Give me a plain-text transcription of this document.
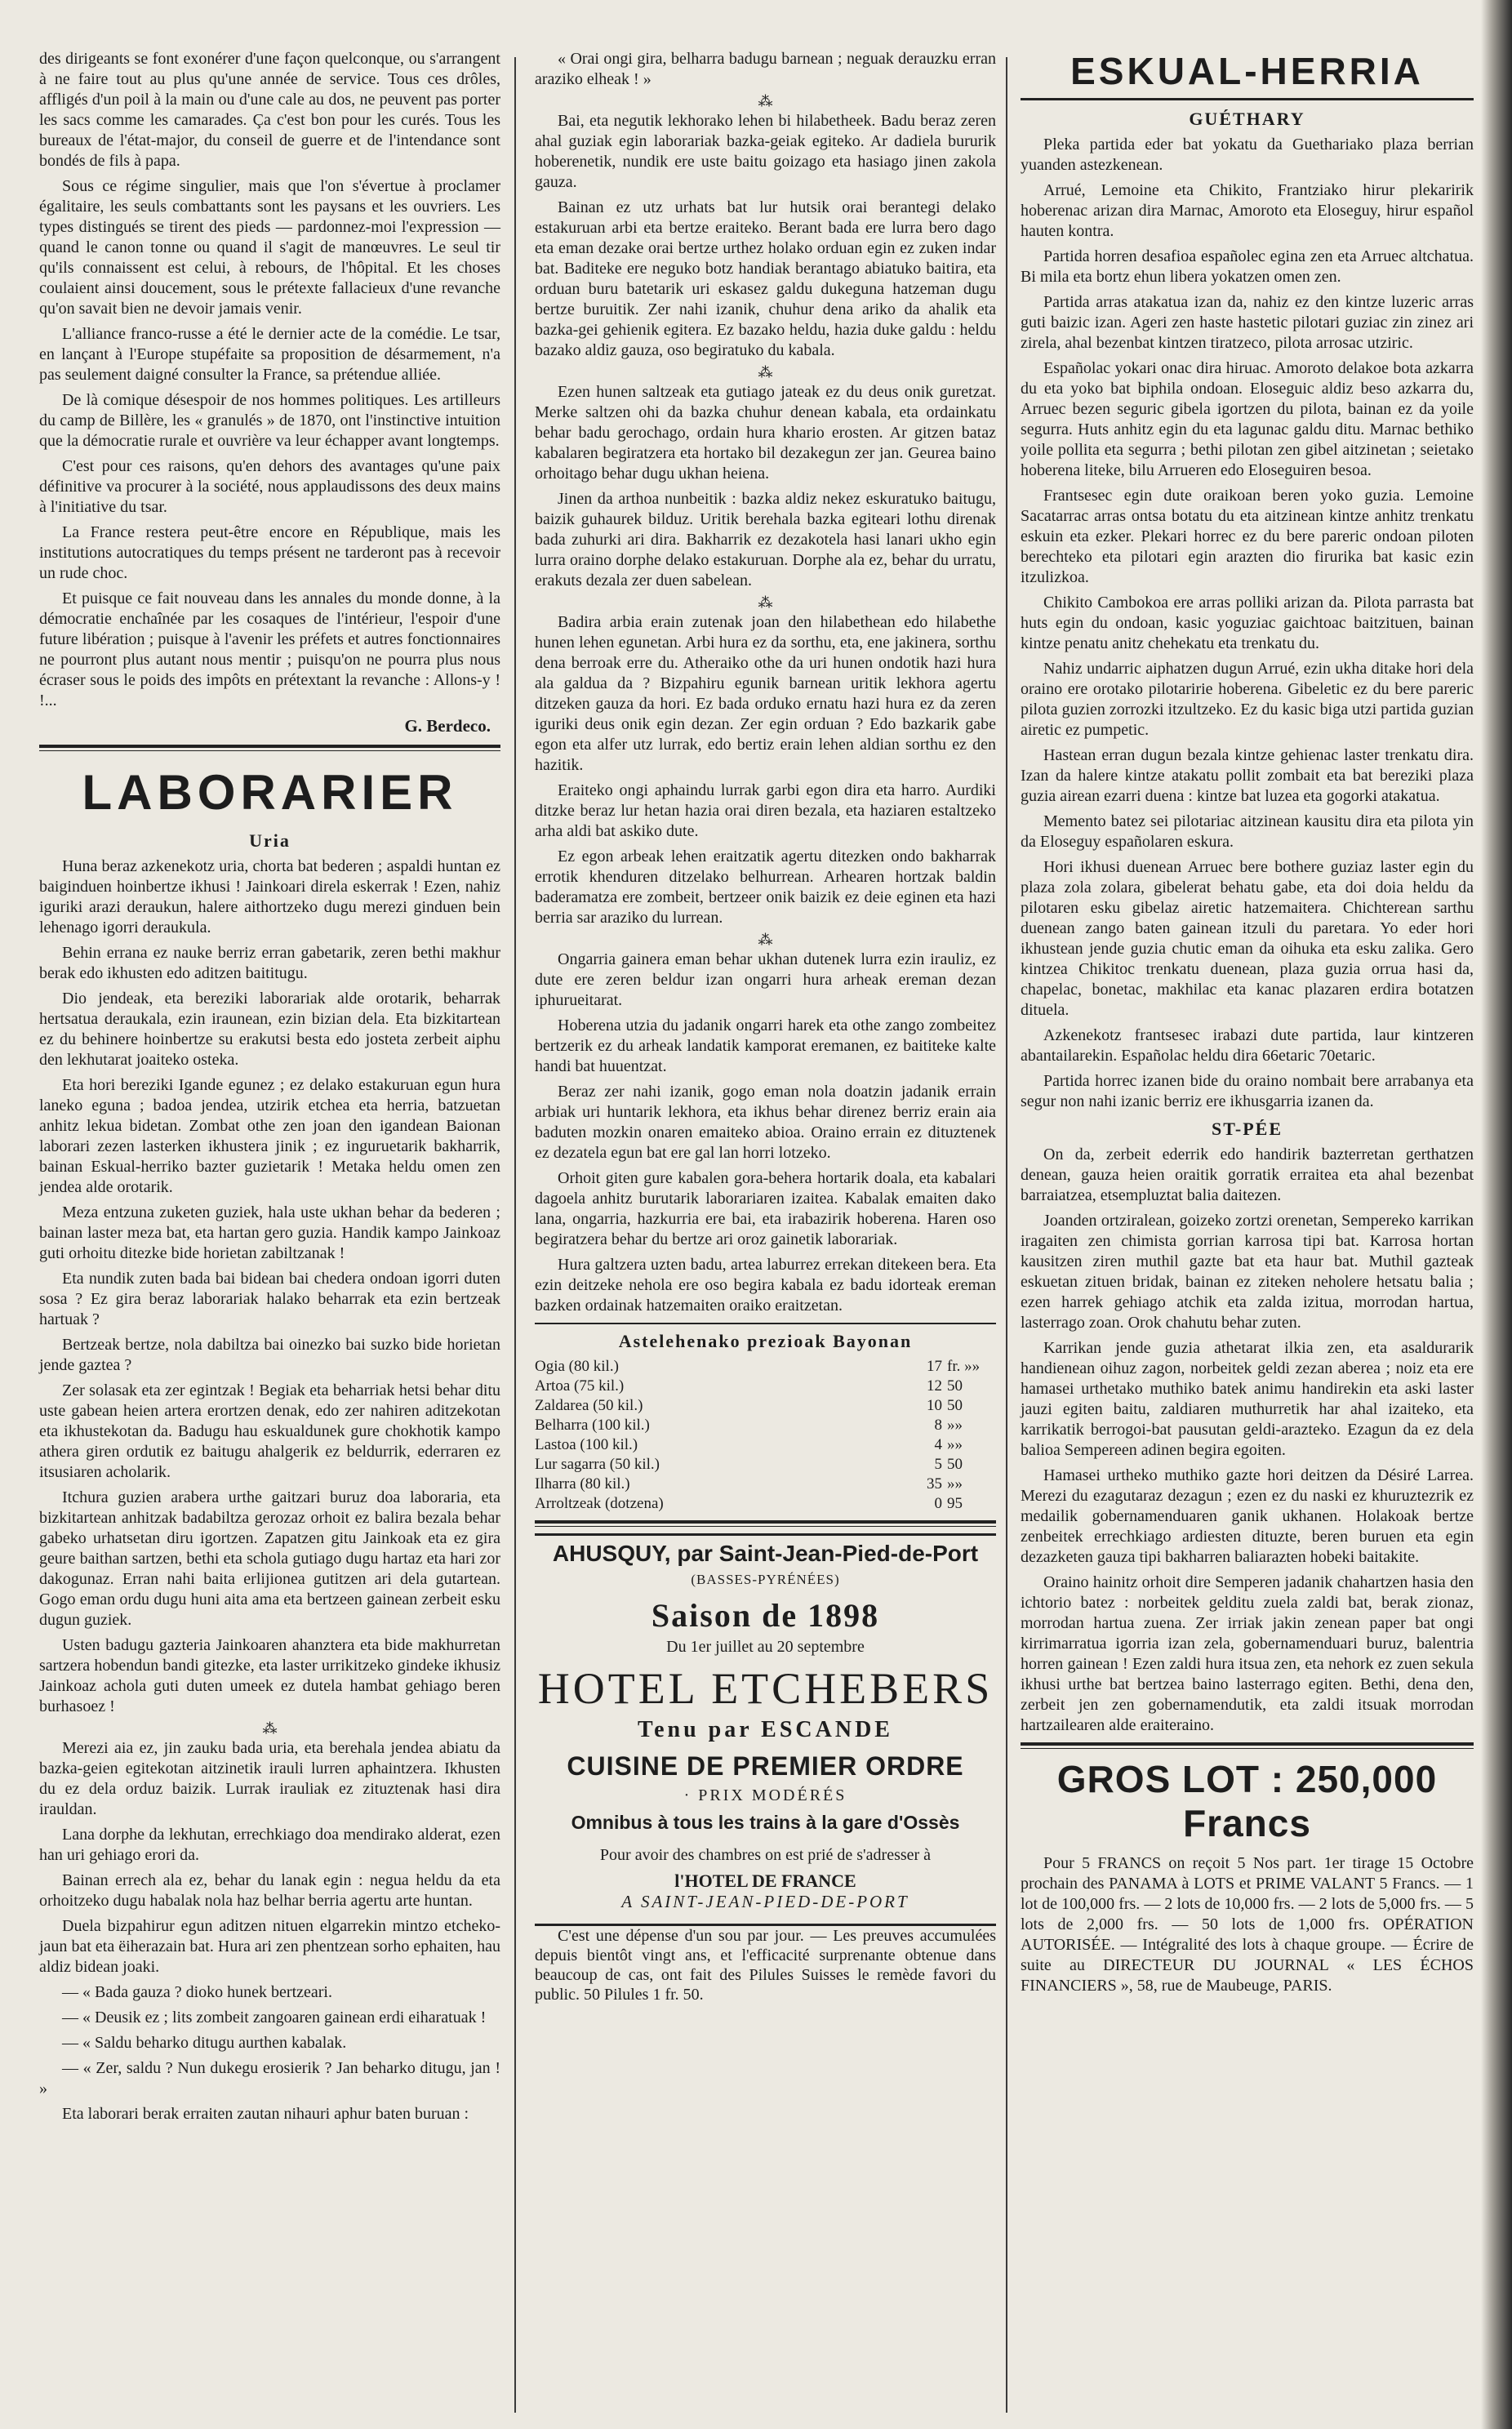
des dirigeants se font exonérer d'une façon quelconque, ou s'arrangent à ne faire tout au plus qu'une année de service. Tous ces drôles, affligés d'un poil à la main ou d'une cale au dos, ne peuvent pas porter les sacs comme les camarades. Ça c'est bon pour les curés. Tous les bureaux de l'état-major, du conseil de guerre et de l'intendance sont bondés de fils à papa.

Sous ce régime singulier, mais que l'on s'évertue à proclamer égalitaire, les seuls combattants sont les paysans et les ouvriers. Les types distingués se tirent des pieds — pardonnez-moi l'expression — quand le canon tonne ou quand il s'agit de manœuvres. Le seul tir qu'ils connaissent est celui, à rebours, de l'hôpital. Et les choses coulaient ainsi doucement, sous le prétexte fallacieux d'une revanche qu'on savait bien ne devoir jamais venir.

L'alliance franco-russe a été le dernier acte de la comédie. Le tsar, en lançant à l'Europe stupéfaite sa proposition de désarmement, n'a pas seulement daigné consulter la France, sa prétendue alliée.

De là comique désespoir de nos hommes politiques. Les artilleurs du camp de Billère, les « granulés » de 1870, ont l'instinctive intuition que la démocratie rurale et ouvrière va leur échapper avant longtemps.

C'est pour ces raisons, qu'en dehors des avantages qu'une paix définitive va procurer à la société, nous applaudissons des deux mains à l'initiative du tsar.

La France restera peut-être encore en République, mais les institutions autocratiques du temps présent ne tarderont pas à recevoir un rude choc.

Et puisque ce fait nouveau dans les annales du monde donne, à la démocratie enchaînée par les cosaques de l'intérieur, l'espoir d'une future libération ; puisque à l'avenir les préfets et autres fonctionnaires ne pourront plus autant nous mentir ; puisqu'on ne pourra plus nous écraser sous le poids des impôts en prétextant la revanche : Allons-y ! !...

G. Berdeco.
LABORARIER
Uria

Huna beraz azkenekotz uria, chorta bat bederen ; aspaldi huntan ez baiginduen hoinbertze ikhusi ! Jainkoari direla eskerrak ! Ezen, nahiz iguriki arazi deraukun, halere aithortzeko dugu merezi ginduen bein lehenago igorri deraukula.

Behin errana ez nauke berriz erran gabetarik, zeren bethi makhur berak edo ikhusten edo aditzen baititugu.

Dio jendeak, eta bereziki laborariak alde orotarik, beharrak hertsatua deraukala, ezin iraunean, ezin bizian dela. Eta bizkitartean ez du behinere hoinbertze su erakutsi besta edo josteta zerbeit aiphu den lekhutarat joaiteko osteka.

Eta hori bereziki Igande egunez ; ez delako estakuruan egun hura laneko eguna ; badoa jendea, utzirik etchea eta herria, batzuetan anhitz lekua bidetan. Zombat othe zen joan den igandean Baionan laborari zezen lasterken ikhustera jinik ; ez inguruetarik bakharrik, bainan Eskual-herriko bazter guzietarik ! Metaka heldu omen zen jendea alde orotarik.

Meza entzuna zuketen guziek, hala uste ukhan behar da bederen ; bainan laster meza bat, eta hartan gero guzia. Handik kampo Jainkoaz guti orhoitu ditezke bide horietan zabiltzanak !

Eta nundik zuten bada bai bidean bai chedera ondoan igorri duten sosa ? Ez gira beraz laborariak halako beharrak eta ezin bertzeak hartuak ?

Bertzeak bertze, nola dabiltza bai oinezko bai suzko bide horietan jende gaztea ?

Zer solasak eta zer egintzak ! Begiak eta beharriak hetsi behar ditu uste gabean heien artera erortzen denak, edo zer nahiren aditzekotan eta ikhustekotan da. Badugu hau eskualdunek gure chokhotik kampo athera giren ordutik ez baitugu ahalgerik ez beldurrik, ederraren ez itsusiaren acholarik.

Itchura guzien arabera urthe gaitzari buruz doa laboraria, eta bizkitartean anhitzak badabiltza gerozaz orhoit ez balira bezala behar gabeko urhatsetan diru igortzen. Zapatzen gitu Jainkoak eta ez gira geure baithan sartzen, bethi eta schola gutiago dugu hartaz eta hari zor dakogunaz. Erran nahi baita erlijionea gutitzen ari dela gutartean. Gogo eman ordu dugu huni aita ama eta bertzeen gainean zerbeit esku dugun guziek.

Usten badugu gazteria Jainkoaren ahanztera eta bide makhurretan sartzera hobendun bandi gitezke, eta laster urrikitzeko gindeke ikhusiz Jainkoaz achola guti duten umeek ez dutela hambat gehiago beren burhasoez !

⁂

Merezi aia ez, jin zauku bada uria, eta berehala jendea abiatu da bazka-geien egitekotan aitzinetik irauli lurren aphaintzera. Ikhusten du ez dela orduz baizik. Lurrak irauliak ez zituztenak hasi dira irauldan.

Lana dorphe da lekhutan, errechkiago doa mendirako alderat, ezen han uri gehiago erori da.

Bainan errech ala ez, behar du lanak egin : negua heldu da eta orhoitzeko dugu habalak nola haz belhar berria agertu arte huntan.

Duela bizpahirur egun aditzen nituen elgarrekin mintzo etcheko-jaun bat eta ëiherazain bat. Hura ari zen phentzean sorho ephaiten, hau aldiz bidean joaki.

— « Bada gauza ? dioko hunek bertzeari.

— « Deusik ez ; lits zombeit zangoaren gainean erdi eiharatuak !

— « Saldu beharko ditugu aurthen kabalak.

— « Zer, saldu ? Nun dukegu erosierik ? Jan beharko ditugu, jan ! »

Eta laborari berak erraiten zautan nihauri aphur baten buruan :

« Orai ongi gira, belharra badugu barnean ; neguak derauzku erran araziko elheak ! »

⁂

Bai, eta negutik lekhorako lehen bi hilabetheek. Badu beraz zeren ahal guziak egin laborariak bazka-geiak egiteko. Ar dadiela bururik hoberenetik, nundik ere uste baitu goizago eta hasiago jinen zakola gauza.

Bainan ez utz urhats bat lur hutsik orai berantegi delako estakuruan arbi eta bertze eraiteko. Berant bada ere lurra bero dago eta eman dezake orai bertze urthez holako orduan egin ez zuken indar bat. Baditeke ere neguko botz handiak berantago abiatuko baitira, eta orduan buru batetarik uri eskasez galdu dukeguna hatzeman dugu bertze buruitik. Zer nahi izanik, chuhur dena ariko da ahalik eta bazka-gei gehienik egitera. Ez bazako heldu, hazia duke galdu : heldu bazako aldiz gauza, oso begiratuko du kabala.

⁂

Ezen hunen saltzeak eta gutiago jateak ez du deus onik guretzat. Merke saltzen ohi da bazka chuhur denean kabala, eta ordainkatu behar badu gerochago, ordain hura khario erosten. Ar gitzen bataz kabalaren begiratzera eta hortako bil dezakegun zer jan. Geurea baino orhoitago behar dugu ukhan heiena.

Jinen da arthoa nunbeitik : bazka aldiz nekez eskuratuko baitugu, baizik guhaurek bilduz. Uritik berehala bazka egiteari lothu direnak bada zuhurki ari dira. Bakharrik ez dezakotela hasi lanari ukho egin lurra oraino dorphe delako estakuruan. Dorphe ala ez, behar du urratu, erakuts dezala zer duen sabelean.

⁂

Badira arbia erain zutenak joan den hilabethean edo hilabethe hunen lehen egunetan. Arbi hura ez da sorthu, eta, ene jakinera, sorthu dena berroak erre du. Atheraiko othe da uri hunen ondotik hazi hura ala galdua da ? Bizpahiru egunik barnean uritik lekhora agertu ditzeken gauza da hori. Ez bada orduko ernatu hazi hura ez da zeren iguriki deus onik egin dezan. Zer egin orduan ? Edo bazkarik gabe egon eta alfer utz lurrak, edo bertiz erain lehen aldian sorthu ez den hazitik.

Eraiteko ongi aphaindu lurrak garbi egon dira eta harro. Aurdiki ditzke beraz lur hetan hazia orai diren bezala, eta haziaren estaltzeko arha aldi bat askiko dute.

Ez egon arbeak lehen eraitzatik agertu ditezken ondo bakharrak errotik khenduren ditzelako belhurrean. Arhearen hortzak baldin baderamatza ere zombeit, bertzeer onik baizik ez deie eginen eta hazi berria sar araziko du lurrean.

⁂

Ongarria gainera eman behar ukhan dutenek lurra ezin irauliz, ez dute ere zeren beldur izan ongarri hura arheak ereman dezan iphurueitarat.

Hoberena utzia du jadanik ongarri harek eta othe zango zombeitez bertzerik ez du arheak landatik kamporat eremanen, ez baititeke kalte handi bat huuentzat.

Beraz zer nahi izanik, gogo eman nola doatzin jadanik errain arbiak uri huntarik lekhora, eta ikhus behar direnez berriz erain aia baduten mozkin onaren emaiteko abioa. Oraino errain ez dituztenek ez dezatela egun bat ere gal lan horri lotzeko.

Orhoit giten gure kabalen gora-behera hortarik doala, eta kabalari dagoela anhitz burutarik laborariaren izaitea. Kabalak emaiten dako lana, ongarria, hazkurria ere bai, eta irabazirik hoberena. Haren oso begiratzera behar du bertze ari oroz gainetik laborariak.

Hura galtzera uzten badu, artea laburrez errekan ditekeen bera. Eta ezin deitzeke nehola ere oso begira kabala ez badu idorteak ereman bazken ordainak hatzemaiten oraiko eraitzetan.

Astelehenako prezioak Bayonan
Ogia (80 kil.)	17	fr. »»
Artoa (75 kil.)	12	50
Zaldarea (50 kil.)	10	50
Belharra (100 kil.)	8	»»
Lastoa (100 kil.)	4	»»
Lur sagarra (50 kil.)	5	50
Ilharra (80 kil.)	35	»»
Arroltzeak (dotzena)	0	95
AHUSQUY, par Saint-Jean-Pied-de-Port
(BASSES-PYRÉNÉES)
Saison de 1898
Du 1er juillet au 20 septembre
HOTEL ETCHEBERS
Tenu par ESCANDE
CUISINE DE PREMIER ORDRE
· PRIX MODÉRÉS
Omnibus à tous les trains à la gare d'Ossès
Pour avoir des chambres on est prié de s'adresser à
l'HOTEL DE FRANCE
A SAINT-JEAN-PIED-DE-PORT

C'est une dépense d'un sou par jour. — Les preuves accumulées depuis bientôt vingt ans, et l'efficacité surprenante obtenue dans beaucoup de cas, ont fait des Pilules Suisses le remède favori du public. 50 Pilules 1 fr. 50.

ESKUAL-HERRIA
GUÉTHARY

Pleka partida eder bat yokatu da Guethariako plaza berrian yuanden astezkenean.

Arrué, Lemoine eta Chikito, Frantziako hirur plekaririk hoberenac arizan dira Marnac, Amoroto eta Eloseguy, hirur español hauten kontra.

Partida horren desafioa españolec egina zen eta Arruec altchatua. Bi mila eta bortz ehun libera yokatzen omen zen.

Partida arras atakatua izan da, nahiz ez den kintze luzeric arras guti baizic izan. Ageri zen haste hastetic pilotari guziac zin zinez ari zirela, ahal bezenbat kintzen tiratzeco, pilota arrosac utziric.

Españolac yokari onac dira hiruac. Amoroto delakoe bota azkarra du eta yoko bat biphila ondoan. Eloseguic aldiz beso azkarra du, Arruec bezen seguric gibela igortzen du pilota, bainan ez da yoile segurra. Huts anhitz egin du eta lagunac galdu ditu. Marnac bethiko yoile pollita eta segurra ; bethi pilotan zen gibel aitzinetan ; seietako hoberena liteke, bilu Arrueren edo Eloseguiren besoa.

Frantsesec egin dute oraikoan beren yoko guzia. Lemoine Sacatarrac arras ontsa botatu du eta aitzinean kintze anhitz trenkatu eskuin eta ezker. Plekari horrec ez du bere pareric ondoan piloten berechteko eta pilotari egin arazten dio firurika bat kasic ezin itzulizkoa.

Chikito Cambokoa ere arras polliki arizan da. Pilota parrasta bat huts egin du ondoan, kasic yoguziac gaichtoac baitzituen, bainan kintze penatu anitz chehekatu eta trenkatu du.

Nahiz undarric aiphatzen dugun Arrué, ezin ukha ditake hori dela oraino ere orotako pilotaririe hoberena. Gibeletic ez du bere pareric pilota guzien zorrozki itzultzeko. Ez du kasic biga utzi partida guzian airetic ez pumpetic.

Hastean erran dugun bezala kintze gehienac laster trenkatu dira. Izan da halere kintze atakatu pollit zombait eta bat bereziki plaza guzia airean ezarri duena : kintze bat luzea eta gogorki atakatua.

Memento batez sei pilotariac aitzinean kausitu dira eta pilota yin da Eloseguy españolaren eskura.

Hori ikhusi duenean Arruec bere bothere guziaz laster egin du plaza zola zolara, gibelerat behatu gabe, eta doi doia heldu da pilotaren esku gibelaz airetic hatzemaitera. Chichterean sarthu duenean zango baten gainean itzuli du paretara. Yo eder hori ikhustean jende guzia chutic eman da oihuka eta esku zalika. Gero kintzea Chikitoc trenkatu duenean, plaza guzia orrua hasi da, chapelac, bonetac, makhilac eta kanac plazaren erdira botatzen dituela.

Azkenekotz frantsesec irabazi dute partida, laur kintzeren abantailarekin. Españolac heldu dira 66etaric 70etaric.

Partida horrec izanen bide du oraino nombait bere arrabanya eta segur non nahi izanic berriz ere ikhusgarria izanen da.

ST-PÉE

On da, zerbeit ederrik edo handirik bazterretan gerthatzen denean, gauza heien oraitik gorratik erraitea eta ahal bezenbat barraiatzea, etsempluztat balia daitezen.

Joanden ortziralean, goizeko zortzi orenetan, Sempereko karrikan iragaiten zen chimista gorrian karrosa tipi bat. Karrosa hortan kausitzen ziren muthil gazte bat eta haur bat. Muthil gazteak eskuetan zituen bridak, bainan ez ziteken neholere hetsatu balia ; ezen harrek gehiago atchik eta zalda izitua, morrodan hartua, lasterrago zoan. Orok chahutu behar zuten.

Karrikan jende guzia athetarat ilkia zen, eta asaldurarik handienean oihuz zagon, norbeitek geldi zezan aberea ; noiz eta ere hamasei urthetako muthiko batek animu handirekin eta aski laster jauzi egiten baitu, zaldiaren muthurretik har ahal izaiteko, eta karrikatik berrogoi-bat pausutan geldi-arazteko. Ezagun da ez dela balioa Sempereen adinen begira egoiten.

Hamasei urtheko muthiko gazte hori deitzen da Désiré Larrea. Merezi du ezagutaraz dezagun ; ezen ez du naski ez khuruztezrik ez medailik gobernamenduaren ganik ukhanen. Holakoak bertze zenbeitek errechkiago ardiesten dituzte, beren buruen eta egin dezazketen gauza tipi bakharren baliarazten hobeki baitakite.

Oraino hainitz orhoit dire Semperen jadanik chahartzen hasia den ichtorio batez : norbeitek gelditu zuela zaldi bat, berak zionaz, morrodan hartua zuena. Zer irriak jakin zenean paper bat ongi kirrimarratua igorria izan zela, gobernamenduari buruz, balentria horren gainean ! Ezen zaldi hura itsua zen, eta nehork ez zuen sekula ikhusi urthe bat bertzea baino lasterrago egiten. Bethi, dena den, zerbeit jen zen gobernamendutik, eta zaldi itsuak morrodan hartzailearen alde eraiteraino.

GROS LOT : 250,000 Francs

Pour 5 FRANCS on reçoit 5 Nos part. 1er tirage 15 Octobre prochain des PANAMA à LOTS et PRIME VALANT 5 Francs. — 1 lot de 100,000 frs. — 2 lots de 10,000 frs. — 2 lots de 5,000 frs. — 5 lots de 2,000 frs. — 50 lots de 1,000 frs. OPÉRATION AUTORISÉE. — Intégralité des lots à chaque groupe. — Écrire de suite au DIRECTEUR DU JOURNAL « LES ÉCHOS FINANCIERS », 58, rue de Maubeuge, PARIS.
